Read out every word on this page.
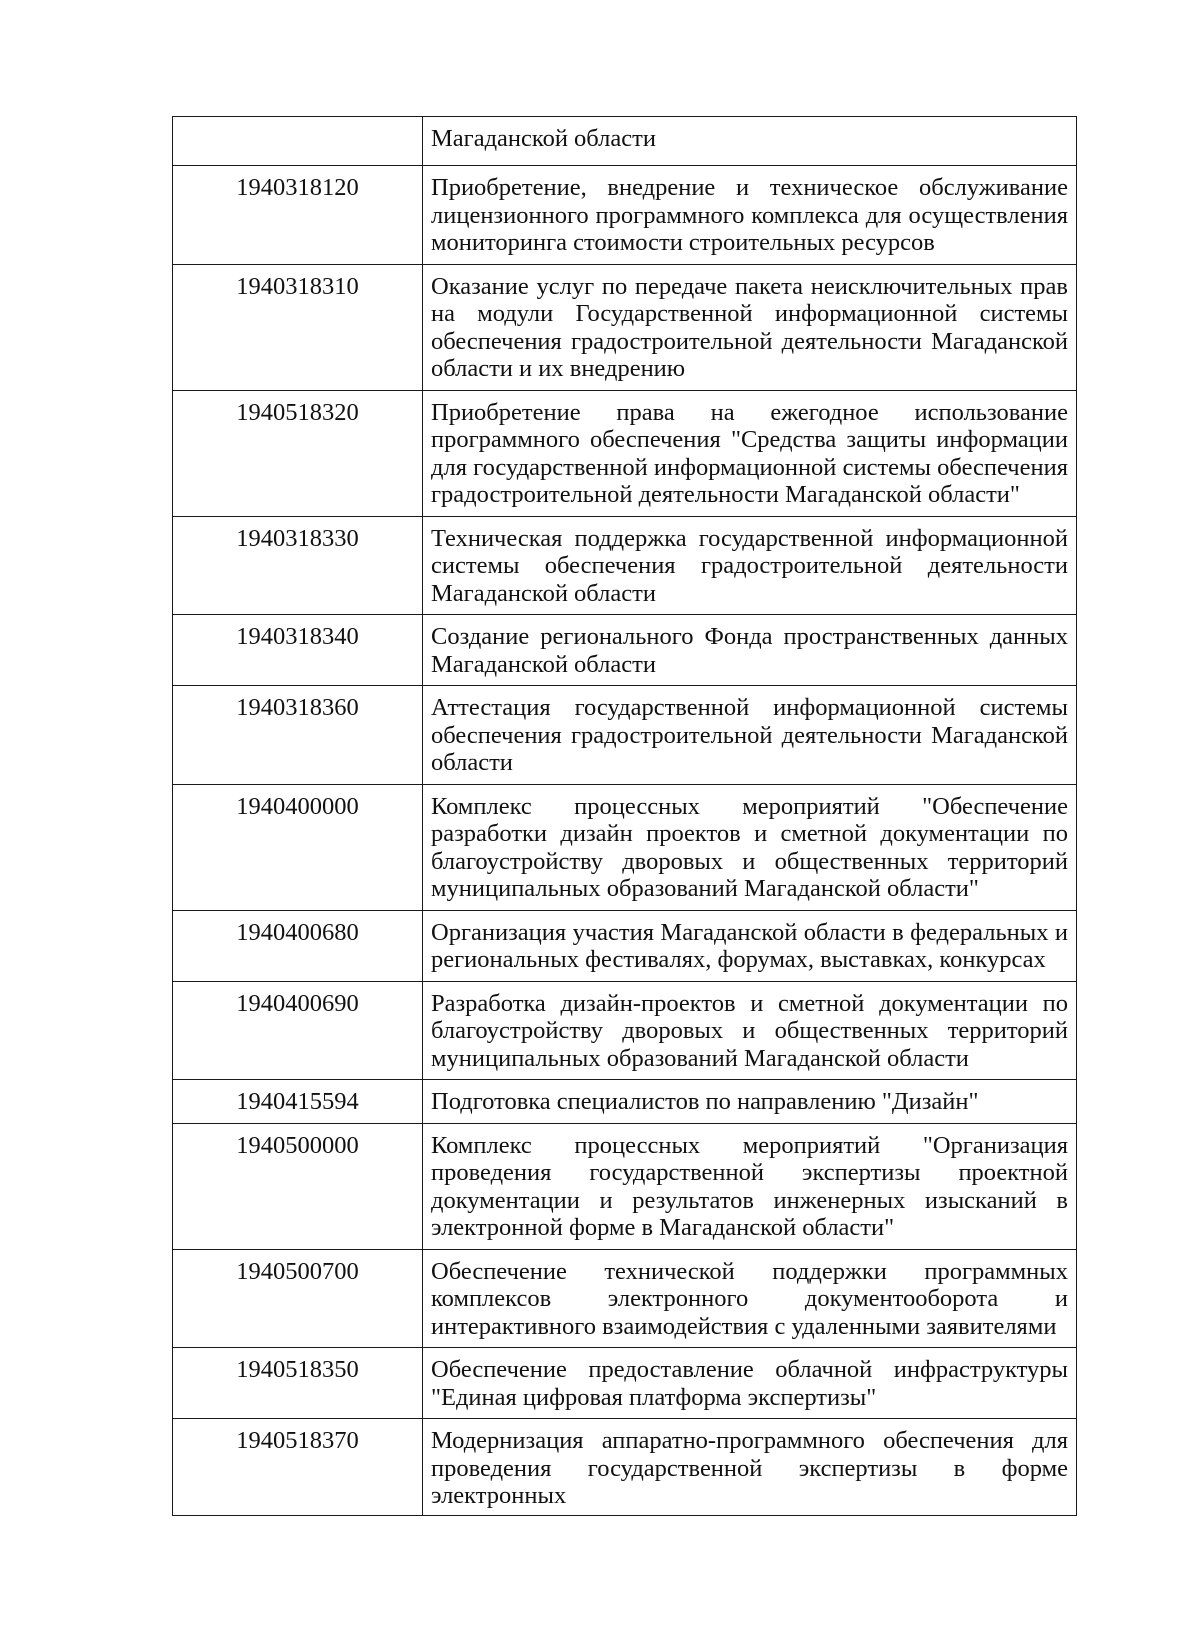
	Магаданской области
1940318120	Приобретение, внедрение и техническое обслуживание лицензионного программного комплекса для осуществления мониторинга стоимости строительных ресурсов
1940318310	Оказание услуг по передаче пакета неисключительных прав на модули Государственной информационной системы обеспечения градостроительной деятельности Магаданской области и их внедрению
1940518320	Приобретение права на ежегодное использование программного обеспечения "Средства защиты информации для государственной информационной системы обеспечения градостроительной деятельности Магаданской области"
1940318330	Техническая поддержка государственной информационной системы обеспечения градостроительной деятельности Магаданской области
1940318340	Создание регионального Фонда пространственных данных Магаданской области
1940318360	Аттестация государственной информационной системы обеспечения градостроительной деятельности Магаданской области
1940400000	Комплекс процессных мероприятий "Обеспечение разработки дизайн проектов и сметной документации по благоустройству дворовых и общественных территорий муниципальных образований Магаданской области"
1940400680	Организация участия Магаданской области в федеральных и региональных фестивалях, форумах, выставках, конкурсах
1940400690	Разработка дизайн-проектов и сметной документации по благоустройству дворовых и общественных территорий муниципальных образований Магаданской области
1940415594	Подготовка специалистов по направлению "Дизайн"
1940500000	Комплекс процессных мероприятий "Организация проведения государственной экспертизы проектной документации и результатов инженерных изысканий в электронной форме в Магаданской области"
1940500700	Обеспечение технической поддержки программных комплексов электронного документооборота и интерактивного взаимодействия с удаленными заявителями
1940518350	Обеспечение предоставление облачной инфраструктуры "Единая цифровая платформа экспертизы"
1940518370	Модернизация аппаратно-программного обеспечения для проведения государственной экспертизы в форме электронных
